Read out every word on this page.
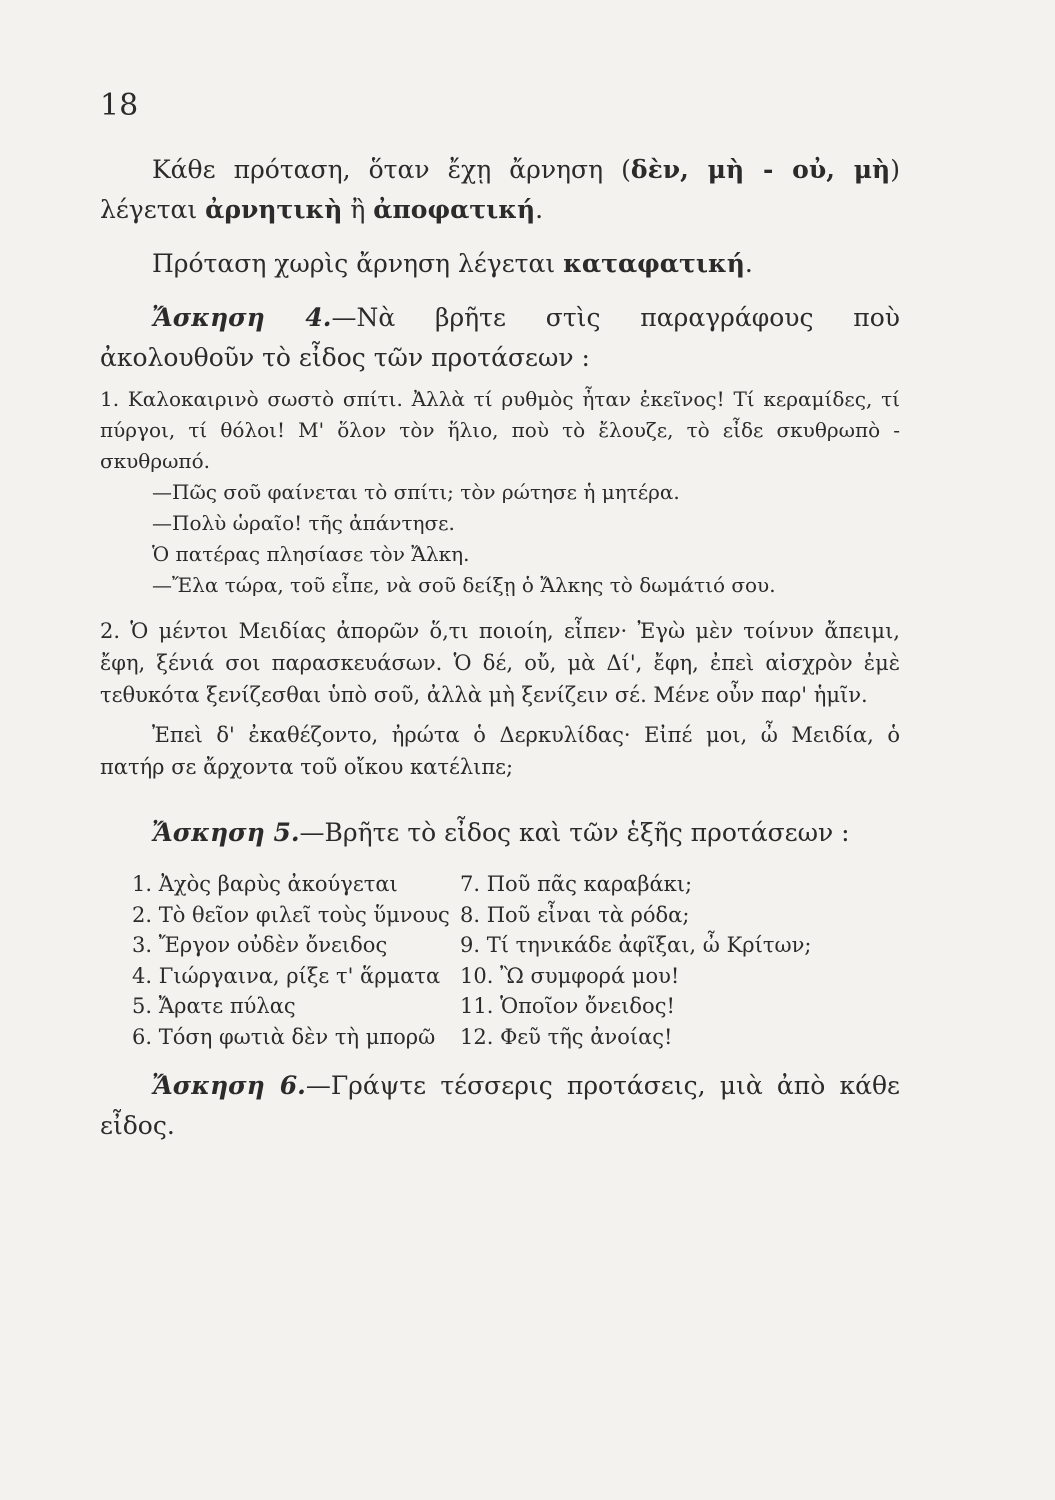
18

Κάθε πρόταση, ὅταν ἔχῃ ἄρνηση (δὲν, μὴ - οὐ, μὴ) λέγεται ἀρνητικὴ ἢ ἀποφατική.

Πρόταση χωρὶς ἄρνηση λέγεται καταφατική.

Ἄσκηση 4.—Νὰ βρῆτε στὶς παραγράφους ποὺ ἀκολουθοῦν τὸ εἶδος τῶν προτάσεων :

1. Καλοκαιρινὸ σωστὸ σπίτι. Ἀλλὰ τί ρυθμὸς ἦταν ἐκεῖνος! Τί κεραμίδες, τί πύργοι, τί θόλοι! Μ' ὅλον τὸν ἥλιο, ποὺ τὸ ἔλουζε, τὸ εἶδε σκυθρωπὸ - σκυθρωπό.

—Πῶς σοῦ φαίνεται τὸ σπίτι; τὸν ρώτησε ἡ μητέρα.

—Πολὺ ὡραῖο! τῆς ἀπάντησε.

Ὁ πατέρας πλησίασε τὸν Ἄλκη.

—Ἔλα τώρα, τοῦ εἶπε, νὰ σοῦ δείξῃ ὁ Ἄλκης τὸ δωμάτιό σου.

2. Ὁ μέντοι Μειδίας ἀπορῶν ὅ,τι ποιοίη, εἶπεν· Ἐγὼ μὲν τοίνυν ἄπειμι, ἔφη, ξένιά σοι παρασκευάσων. Ὁ δέ, οὔ, μὰ Δί', ἔφη, ἐπεὶ αἰσχρὸν ἐμὲ τεθυκότα ξενίζεσθαι ὑπὸ σοῦ, ἀλλὰ μὴ ξενίζειν σέ. Μένε οὖν παρ' ἡμῖν.

Ἐπεὶ δ' ἐκαθέζοντο, ἠρώτα ὁ Δερκυλίδας· Εἰπέ μοι, ὦ Μειδία, ὁ πατήρ σε ἄρχοντα τοῦ οἴκου κατέλιπε;

Ἄσκηση 5.—Βρῆτε τὸ εἶδος καὶ τῶν ἑξῆς προτάσεων :

1. Ἀχὸς βαρὺς ἀκούγεται	7. Ποῦ πᾶς καραβάκι;
2. Τὸ θεῖον φιλεῖ τοὺς ὕμνους 8. Ποῦ εἶναι τὰ ρόδα;
3. Ἔργον οὐδὲν ὄνειδος	9. Τί τηνικάδε ἀφῖξαι, ὦ Κρίτων;
4. Γιώργαινα, ρίξε τ' ἅρματα 10. Ὢ συμφορά μου!
5. Ἄρατε πύλας	11. Ὁποῖον ὄνειδος!
6. Τόση φωτιὰ δὲν τὴ μπορῶ	12. Φεῦ τῆς ἀνοίας!

Ἄσκηση 6.—Γράψτε τέσσερις προτάσεις, μιὰ ἀπὸ κάθε εἶδος.
